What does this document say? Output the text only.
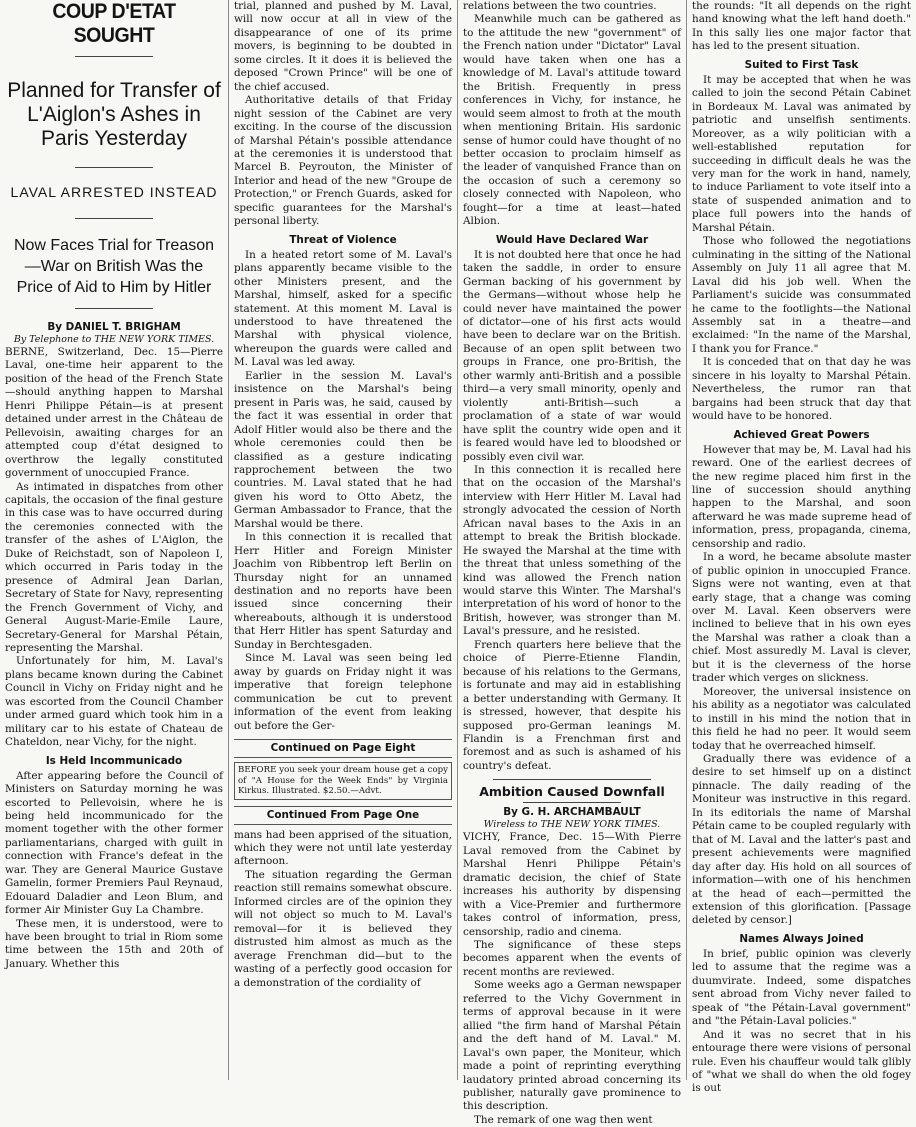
COUP D'ETAT SOUGHT
Planned for Transfer of L'Aiglon's Ashes in Paris Yesterday
LAVAL ARRESTED INSTEAD
Now Faces Trial for Treason —War on British Was the Price of Aid to Him by Hitler
By DANIEL T. BRIGHAM
By Telephone to THE NEW YORK TIMES.

BERNE, Switzerland, Dec. 15—Pierre Laval, one-time heir apparent to the position of the head of the French State—should anything happen to Marshal Henri Philippe Pétain—is at present detained under arrest in the Château de Pellevoisin, awaiting charges for an attempted coup d'état designed to overthrow the legally constituted government of unoccupied France.

As intimated in dispatches from other capitals, the occasion of the final gesture in this case was to have occurred during the ceremonies connected with the transfer of the ashes of L'Aiglon, the Duke of Reichstadt, son of Napoleon I, which occurred in Paris today in the presence of Admiral Jean Darlan, Secretary of State for Navy, representing the French Government of Vichy, and General August-Marie-Emile Laure, Secretary-General for Marshal Pétain, representing the Marshal.

Unfortunately for him, M. Laval's plans became known during the Cabinet Council in Vichy on Friday night and he was escorted from the Council Chamber under armed guard which took him in a military car to his estate of Chateau de Chateldon, near Vichy, for the night.

Is Held Incommunicado

After appearing before the Council of Ministers on Saturday morning he was escorted to Pellevoisin, where he is being held incommunicado for the moment together with the other former parliamentarians, charged with guilt in connection with France's defeat in the war. They are General Maurice Gustave Gamelin, former Premiers Paul Reynaud, Edouard Daladier and Leon Blum, and former Air Minister Guy La Chambre.

These men, it is understood, were to have been brought to trial in Riom some time between the 15th and 20th of January. Whether this

trial, planned and pushed by M. Laval, will now occur at all in view of the disappearance of one of its prime movers, is beginning to be doubted in some circles. It it does it is believed the deposed "Crown Prince" will be one of the chief accused.

Authoritative details of that Friday night session of the Cabinet are very exciting. In the course of the discussion of Marshal Pétain's possible attendance at the ceremonies it is understood that Marcel B. Peyrouton, the Minister of Interior and head of the new "Groupe de Protection," or French Guards, asked for specific guarantees for the Marshal's personal liberty.

Threat of Violence

In a heated retort some of M. Laval's plans apparently became visible to the other Ministers present, and the Marshal, himself, asked for a specific statement. At this moment M. Laval is understood to have threatened the Marshal with physical violence, whereupon the guards were called and M. Laval was led away.

Earlier in the session M. Laval's insistence on the Marshal's being present in Paris was, he said, caused by the fact it was essential in order that Adolf Hitler would also be there and the whole ceremonies could then be classified as a gesture indicating rapprochement between the two countries. M. Laval stated that he had given his word to Otto Abetz, the German Ambassador to France, that the Marshal would be there.

In this connection it is recalled that Herr Hitler and Foreign Minister Joachim von Ribbentrop left Berlin on Thursday night for an unnamed destination and no reports have been issued since concerning their whereabouts, although it is understood that Herr Hitler has spent Saturday and Sunday in Berchtesgaden.

Since M. Laval was seen being led away by guards on Friday night it was imperative that foreign telephone communication be cut to prevent information of the event from leaking out before the Ger-

Continued on Page Eight
BEFORE you seek your dream house get a copy of "A House for the Week Ends" by Virginia Kirkus. Illustrated. $2.50.—Advt.
Continued From Page One

mans had been apprised of the situation, which they were not until late yesterday afternoon.

The situation regarding the German reaction still remains somewhat obscure. Informed circles are of the opinion they will not object so much to M. Laval's removal—for it is believed they distrusted him almost as much as the average Frenchman did—but to the wasting of a perfectly good occasion for a demonstration of the cordiality of

relations between the two countries.

Meanwhile much can be gathered as to the attitude the new "government" of the French nation under "Dictator" Laval would have taken when one has a knowledge of M. Laval's attitude toward the British. Frequently in press conferences in Vichy, for instance, he would seem almost to froth at the mouth when mentioning Britain. His sardonic sense of humor could have thought of no better occasion to proclaim himself as the leader of vanquished France than on the occasion of such a ceremony so closely connected with Napoleon, who fought—for a time at least—hated Albion.

Would Have Declared War

It is not doubted here that once he had taken the saddle, in order to ensure German backing of his government by the Germans—without whose help he could never have maintained the power of dictator—one of his first acts would have been to declare war on the British. Because of an open split between two groups in France, one pro-British, the other warmly anti-British and a possible third—a very small minority, openly and violently anti-British—such a proclamation of a state of war would have split the country wide open and it is feared would have led to bloodshed or possibly even civil war.

In this connection it is recalled here that on the occasion of the Marshal's interview with Herr Hitler M. Laval had strongly advocated the cession of North African naval bases to the Axis in an attempt to break the British blockade. He swayed the Marshal at the time with the threat that unless something of the kind was allowed the French nation would starve this Winter. The Marshal's interpretation of his word of honor to the British, however, was stronger than M. Laval's pressure, and he resisted.

French quarters here believe that the choice of Pierre-Etienne Flandin, because of his relations to the Germans, is fortunate and may aid in establishing a better understanding with Germany. It is stressed, however, that despite his supposed pro-German leanings M. Flandin is a Frenchman first and foremost and as such is ashamed of his country's defeat.

Ambition Caused Downfall
By G. H. ARCHAMBAULT
Wireless to THE NEW YORK TIMES.

VICHY, France, Dec. 15—With Pierre Laval removed from the Cabinet by Marshal Henri Philippe Pétain's dramatic decision, the chief of State increases his authority by dispensing with a Vice-Premier and furthermore takes control of information, press, censorship, radio and cinema.

The significance of these steps becomes apparent when the events of recent months are reviewed.

Some weeks ago a German newspaper referred to the Vichy Government in terms of approval because in it were allied "the firm hand of Marshal Pétain and the deft hand of M. Laval." M. Laval's own paper, the Moniteur, which made a point of reprinting everything laudatory printed abroad concerning its publisher, naturally gave prominence to this description.

The remark of one wag then went

the rounds: "It all depends on the right hand knowing what the left hand doeth." In this sally lies one major factor that has led to the present situation.

Suited to First Task

It may be accepted that when he was called to join the second Pétain Cabinet in Bordeaux M. Laval was animated by patriotic and unselfish sentiments. Moreover, as a wily politician with a well-established reputation for succeeding in difficult deals he was the very man for the work in hand, namely, to induce Parliament to vote itself into a state of suspended animation and to place full powers into the hands of Marshal Pétain.

Those who followed the negotiations culminating in the sitting of the National Assembly on July 11 all agree that M. Laval did his job well. When the Parliament's suicide was consummated he came to the footlights—the National Assembly sat in a theatre—and exclaimed: "In the name of the Marshal, I thank you for France."

It is conceded that on that day he was sincere in his loyalty to Marshal Pétain. Nevertheless, the rumor ran that bargains had been struck that day that would have to be honored.

Achieved Great Powers

However that may be, M. Laval had his reward. One of the earliest decrees of the new regime placed him first in the line of succession should anything happen to the Marshal, and soon afterward he was made supreme head of information, press, propaganda, cinema, censorship and radio.

In a word, he became absolute master of public opinion in unoccupied France. Signs were not wanting, even at that early stage, that a change was coming over M. Laval. Keen observers were inclined to believe that in his own eyes the Marshal was rather a cloak than a chief. Most assuredly M. Laval is clever, but it is the cleverness of the horse trader which verges on slickness.

Moreover, the universal insistence on his ability as a negotiator was calculated to instill in his mind the notion that in this field he had no peer. It would seem today that he overreached himself.

Gradually there was evidence of a desire to set himself up on a distinct pinnacle. The daily reading of the Moniteur was instructive in this regard. In its editorials the name of Marshal Pétain came to be coupled regularly with that of M. Laval and the latter's past and present achievements were magnified day after day. His hold on all sources of information—with one of his henchmen at the head of each—permitted the extension of this glorification. [Passage deleted by censor.]

Names Always Joined

In brief, public opinion was cleverly led to assume that the regime was a duumvirate. Indeed, some dispatches sent abroad from Vichy never failed to speak of "the Pétain-Laval government" and "the Pétain-Laval policies."

And it was no secret that in his entourage there were visions of personal rule. Even his chauffeur would talk glibly of "what we shall do when the old fogey is out
